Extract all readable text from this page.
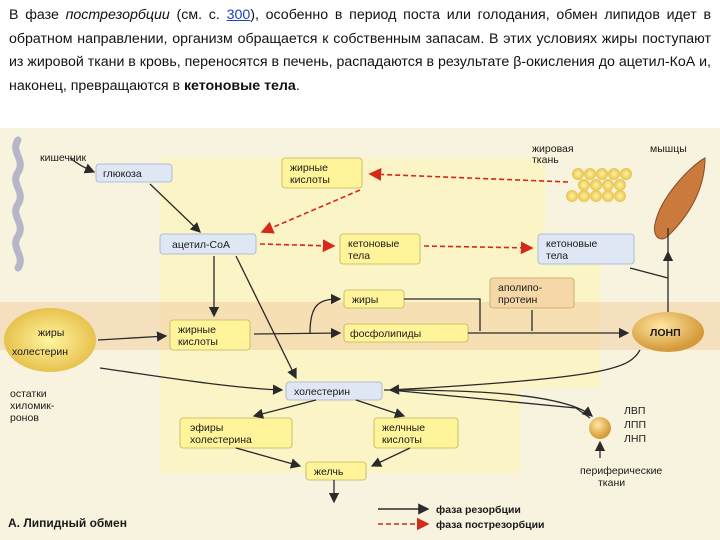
В фазе пострезорбции (см. с. 300), особенно в период поста или голодания, обмен липидов идет в обратном направлении, организм обращается к собственным запасам. В этих условиях жиры поступают из жировой ткани в кровь, переносятся в печень, распадаются в результате β-окисления до ацетил-КоА и, наконец, превращаются в кетоновые тела.
кишечник
глюкоза	жирные
кислоты
жировая
ткань
мышцы
ацетил-CoA	кетоновые
тела
кетоновые
тела
жиры
аполипо-
протеин
жиры
холестерин
жирные
кислоты
фосфолипиды	ЛОНП
остатки
хиломик-
ронов
холестерин
эфиры
холестерина
желчные
кислоты
желчь
ЛВП
ЛПП
ЛНП
периферические
ткани
фаза резорбции
фаза пострезорбции
А. Липидный обмен
